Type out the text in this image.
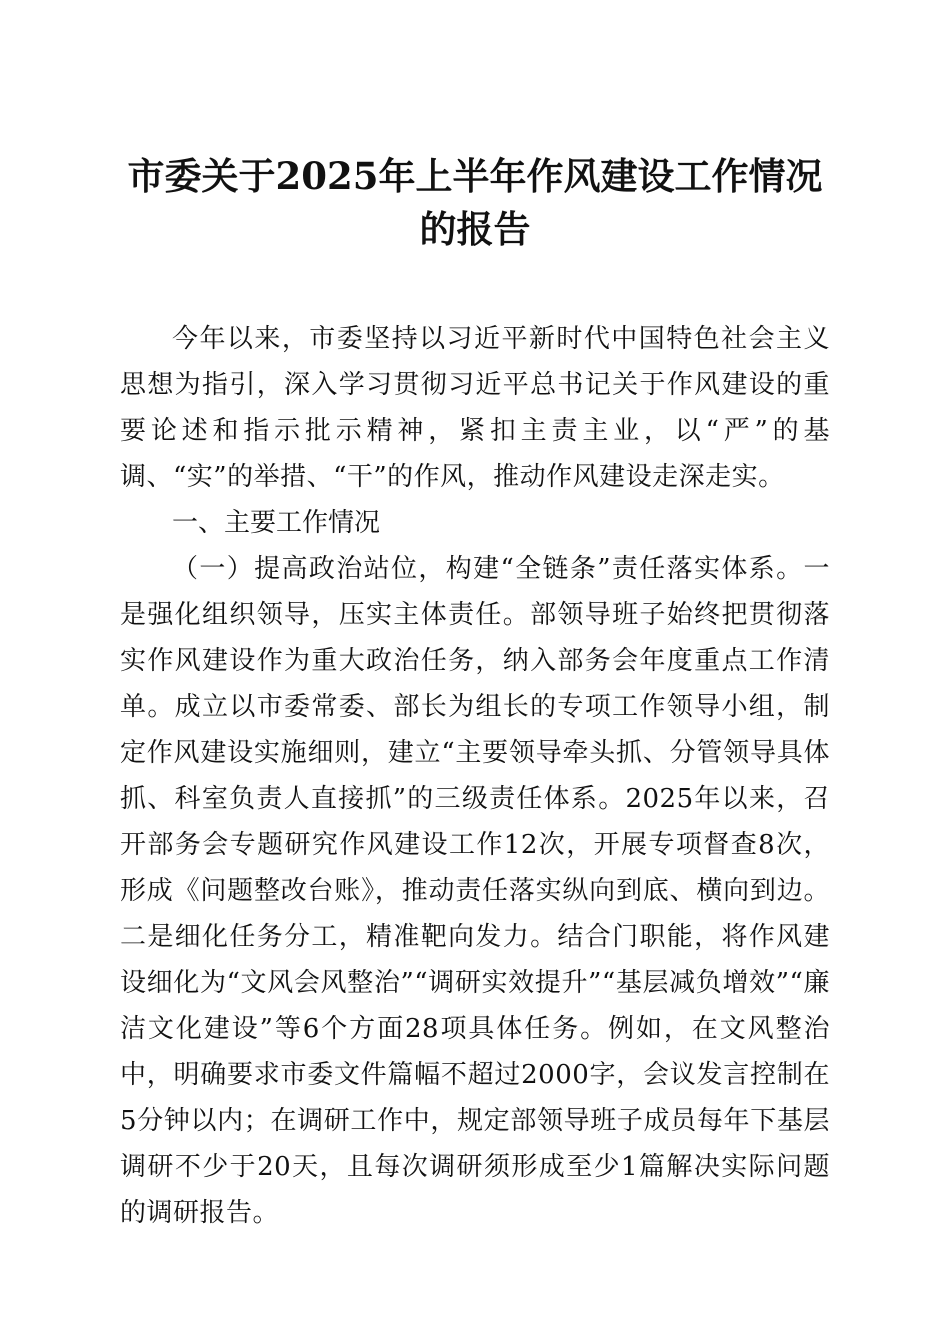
市委关于2025年上半年作风建设工作情况的报告

今年以来，市委坚持以习近平新时代中国特色社会主义思想为指引，深入学习贯彻习近平总书记关于作风建设的重要论述和指示批示精神，紧扣主责主业，以“严”的基调、“实”的举措、“干”的作风，推动作风建设走深走实。

一、主要工作情况

（一）提高政治站位，构建“全链条”责任落实体系。一是强化组织领导，压实主体责任。部领导班子始终把贯彻落实作风建设作为重大政治任务，纳入部务会年度重点工作清单。成立以市委常委、部长为组长的专项工作领导小组，制定作风建设实施细则，建立“主要领导牵头抓、分管领导具体抓、科室负责人直接抓”的三级责任体系。2025年以来，召开部务会专题研究作风建设工作12次，开展专项督查8次，形成《问题整改台账》，推动责任落实纵向到底、横向到边。二是细化任务分工，精准靶向发力。结合门职能，将作风建设细化为“文风会风整治”“调研实效提升”“基层减负增效”“廉洁文化建设”等6个方面28项具体任务。例如，在文风整治中，明确要求市委文件篇幅不超过2000字，会议发言控制在5分钟以内；在调研工作中，规定部领导班子成员每年下基层调研不少于20天，且每次调研须形成至少1篇解决实际问题的调研报告。
